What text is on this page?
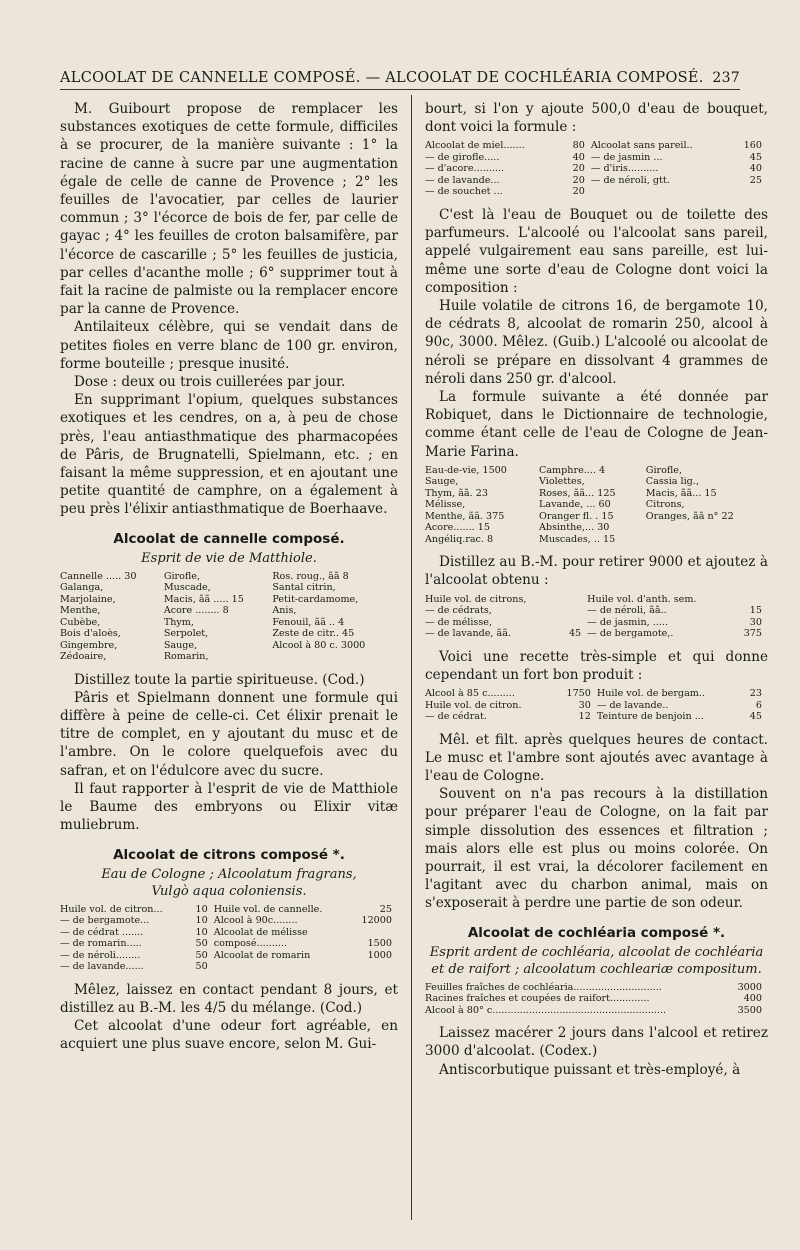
ALCOOLAT DE CANNELLE COMPOSÉ. — ALCOOLAT DE COCHLÉARIA COMPOSÉ. 237

M. Guibourt propose de remplacer les substances exotiques de cette formule, difficiles à se procurer, de la manière suivante : 1° la racine de canne à sucre par une augmentation égale de celle de canne de Provence ; 2° les feuilles de l'avocatier, par celles de laurier commun ; 3° l'écorce de bois de fer, par celle de gayac ; 4° les feuilles de croton balsamifère, par l'écorce de cascarille ; 5° les feuilles de justicia, par celles d'acanthe molle ; 6° supprimer tout à fait la racine de palmiste ou la remplacer encore par la canne de Provence.

Antilaiteux célèbre, qui se vendait dans de petites fioles en verre blanc de 100 gr. environ, forme bouteille ; presque inusité.

Dose : deux ou trois cuillerées par jour.

En supprimant l'opium, quelques substances exotiques et les cendres, on a, à peu de chose près, l'eau antiasthmatique des pharmacopées de Pâris, de Brugnatelli, Spielmann, etc. ; en faisant la même suppression, et en ajoutant une petite quantité de camphre, on a également à peu près l'élixir antiasthmatique de Boerhaave.

Alcoolat de cannelle composé.
Esprit de vie de Matthiole.
Cannelle ..... 30	Girofle,	Ros. roug., ãã 8
Galanga,	Muscade,	Santal citrin,
Marjolaine,	Macis, ãã ..... 15	Petit-cardamome,
Menthe,	Acore ........ 8	Anis,
Cubèbe,	Thym,	Fenouil, ãã .. 4
Bois d'aloès,	Serpolet,	Zeste de citr.. 45
Gingembre,	Sauge,	Alcool à 80 c. 3000
Zédoaire,	Romarin,	

Distillez toute la partie spiritueuse. (Cod.)

Pâris et Spielmann donnent une formule qui diffère à peine de celle-ci. Cet élixir prenait le titre de complet, en y ajoutant du musc et de l'ambre. On le colore quelquefois avec du safran, et on l'édulcore avec du sucre.

Il faut rapporter à l'esprit de vie de Matthiole le Baume des embryons ou Elixir vitæ muliebrum.

Alcoolat de citrons composé *.
Eau de Cologne ; Alcoolatum fragrans,
Vulgò aqua coloniensis.
Huile vol. de citron...	10	Huile vol. de cannelle.	25
— de bergamote...	10	Alcool à 90c........	12000
— de cédrat .......	10	Alcoolat de mélisse	
— de romarin.....	50	composé..........	1500
— de néroli........	50	Alcoolat de romarin	1000
— de lavande......	50		

Mêlez, laissez en contact pendant 8 jours, et distillez au B.-M. les 4/5 du mélange. (Cod.)

Cet alcoolat d'une odeur fort agréable, en acquiert une plus suave encore, selon M. Gui-

bourt, si l'on y ajoute 500,0 d'eau de bouquet, dont voici la formule :

Alcoolat de miel.......	80	Alcoolat sans pareil..	160
— de girofle.....	40	— de jasmin ...	45
— d'acore..........	20	— d'iris..........	40
— de lavande...	20	— de néroli, gtt.	25
— de souchet ...	20		

C'est là l'eau de Bouquet ou de toilette des parfumeurs. L'alcoolé ou l'alcoolat sans pareil, appelé vulgairement eau sans pareille, est lui-même une sorte d'eau de Cologne dont voici la composition :

Huile volatile de citrons 16, de bergamote 10, de cédrats 8, alcoolat de romarin 250, alcool à 90c, 3000. Mêlez. (Guib.) L'alcoolé ou alcoolat de néroli se prépare en dissolvant 4 grammes de néroli dans 250 gr. d'alcool.

La formule suivante a été donnée par Robiquet, dans le Dictionnaire de technologie, comme étant celle de l'eau de Cologne de Jean-Marie Farina.

Eau-de-vie, 1500	Camphre.... 4	Girofle,
Sauge,	Violettes,	Cassia lig.,
Thym, ãã. 23	Roses, ãã... 125	Macis, ãã... 15
Mélisse,	Lavande, ... 60	Citrons,
Menthe, ãã. 375	Oranger fl. . 15	Oranges, ãã n° 22
Acore....... 15	Absinthe,... 30	
Angéliq.rac. 8	Muscades, .. 15	

Distillez au B.-M. pour retirer 9000 et ajoutez à l'alcoolat obtenu :

Huile vol. de citrons,		Huile vol. d'anth. sem.	
— de cédrats,		— de néroli, ãã..	15
— de mélisse,		— de jasmin, .....	30
— de lavande, ãã.	45	— de bergamote,.	375

Voici une recette très-simple et qui donne cependant un fort bon produit :

Alcool à 85 c.........	1750	Huile vol. de bergam..	23
Huile vol. de citron.	30	— de lavande..	6
— de cédrat.	12	Teinture de benjoin ...	45

Mêl. et filt. après quelques heures de contact. Le musc et l'ambre sont ajoutés avec avantage à l'eau de Cologne.

Souvent on n'a pas recours à la distillation pour préparer l'eau de Cologne, on la fait par simple dissolution des essences et filtration ; mais alors elle est plus ou moins colorée. On pourrait, il est vrai, la décolorer facilement en l'agitant avec du charbon animal, mais on s'exposerait à perdre une partie de son odeur.

Alcoolat de cochléaria composé *.
Esprit ardent de cochléaria, alcoolat de cochléaria et de raifort ; alcoolatum cochleariæ compositum.
Feuilles fraîches de cochléaria.............................	3000
Racines fraîches et coupées de raifort.............	400
Alcool à 80° c.........................................................	3500

Laissez macérer 2 jours dans l'alcool et retirez 3000 d'alcoolat. (Codex.)

Antiscorbutique puissant et très-employé, à
